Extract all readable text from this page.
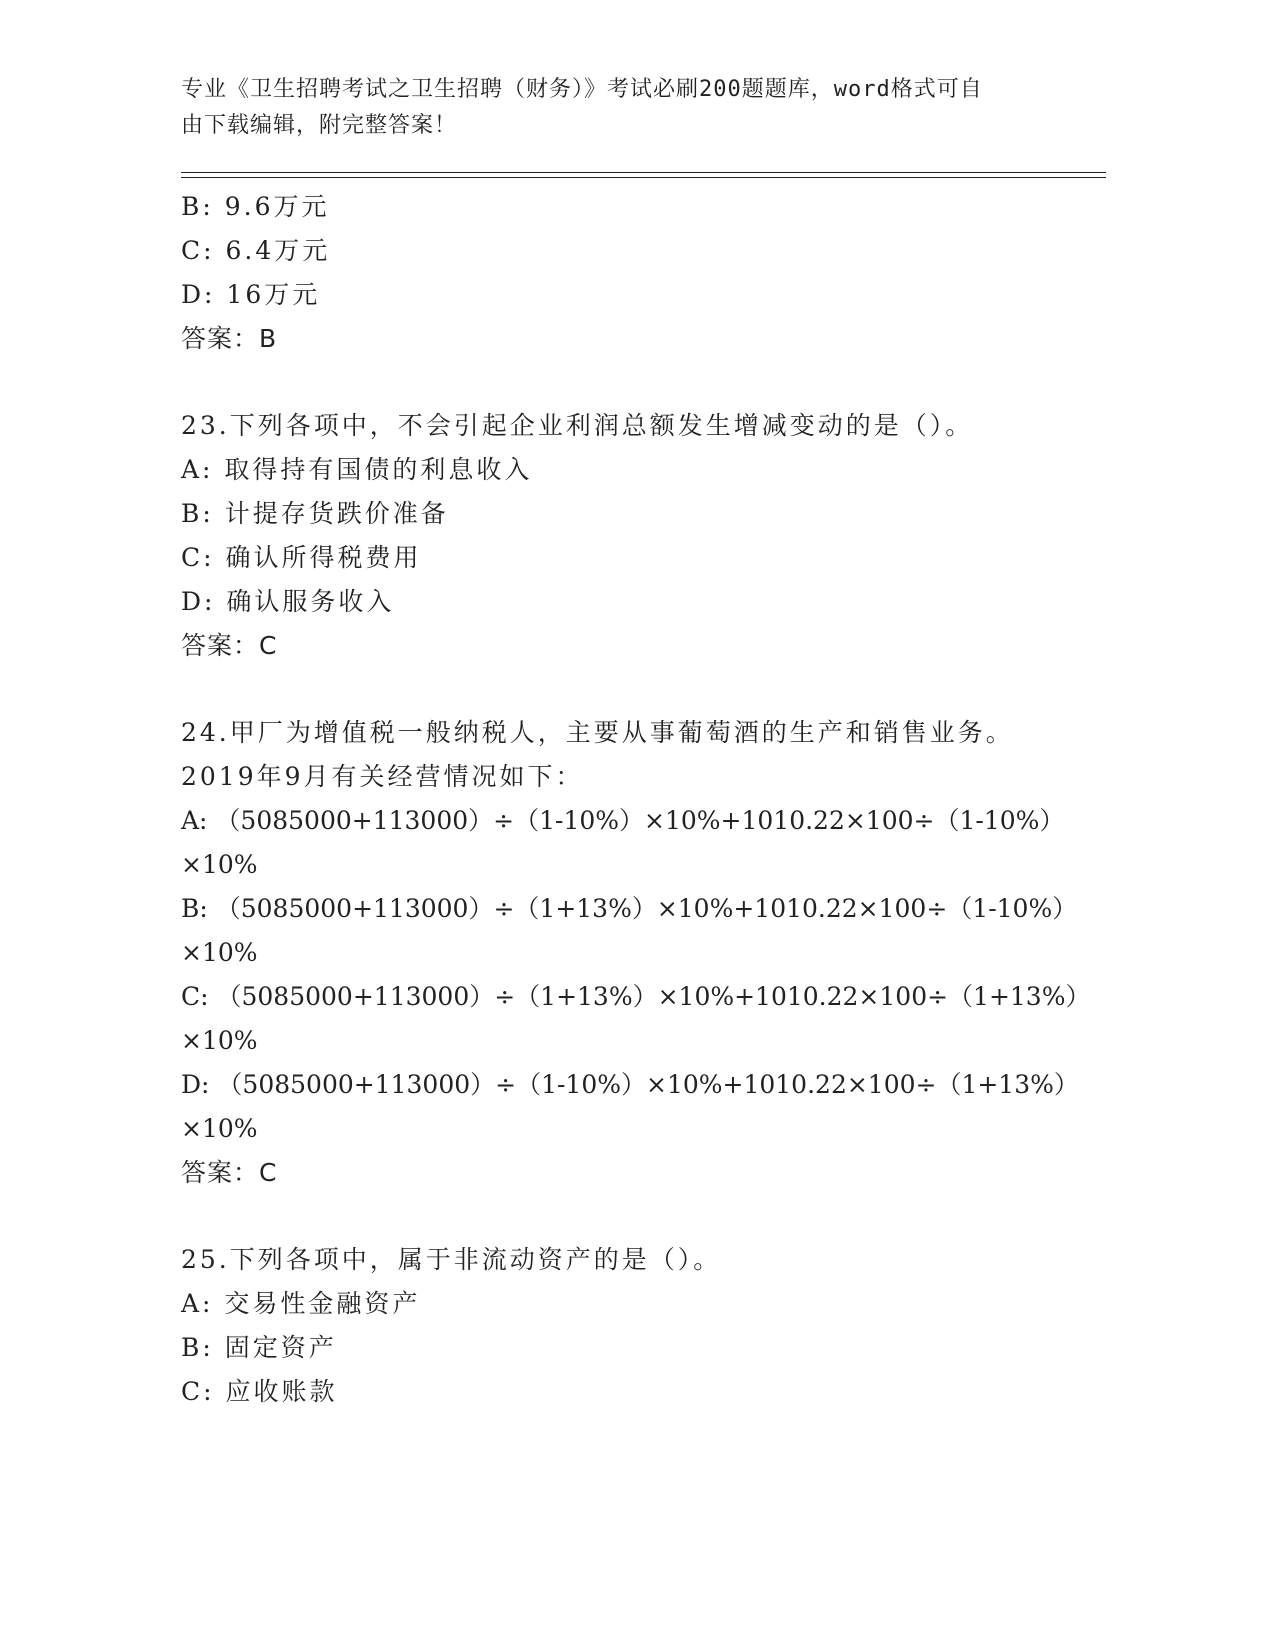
专业《卫生招聘考试之卫生招聘（财务）》考试必刷200题题库，word格式可自
由下载编辑，附完整答案！
B: 9.6万元
C: 6.4万元
D: 16万元
答案：B
23.下列各项中，不会引起企业利润总额发生增减变动的是（）。
A: 取得持有国债的利息收入
B: 计提存货跌价准备
C: 确认所得税费用
D: 确认服务收入
答案：C
24.甲厂为增值税一般纳税人，主要从事葡萄酒的生产和销售业务。
2019年9月有关经营情况如下：
A: （5085000+113000）÷（1-10%）×10%+1010.22×100÷（1-10%）
×10%
B: （5085000+113000）÷（1+13%）×10%+1010.22×100÷（1-10%）
×10%
C: （5085000+113000）÷（1+13%）×10%+1010.22×100÷（1+13%）
×10%
D: （5085000+113000）÷（1-10%）×10%+1010.22×100÷（1+13%）
×10%
答案：C
25.下列各项中，属于非流动资产的是（）。
A: 交易性金融资产
B: 固定资产
C: 应收账款
